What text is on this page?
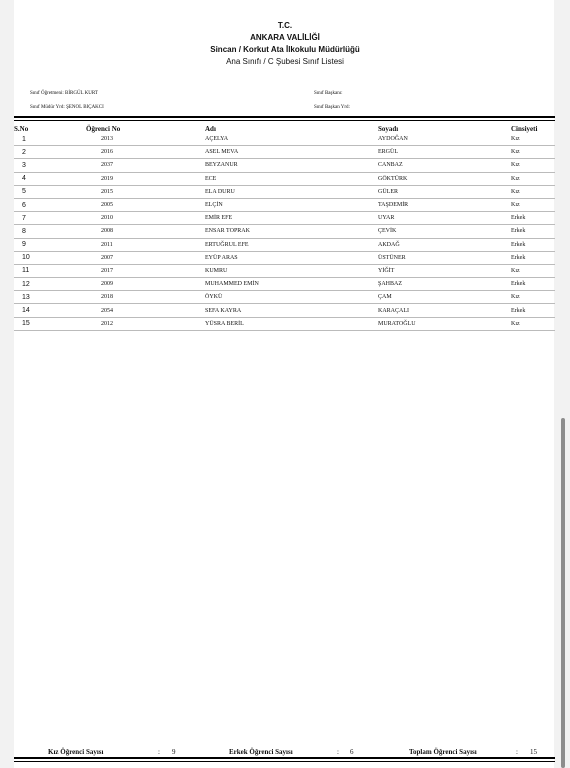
T.C.
ANKARA VALİLİĞİ
Sincan / Korkut Ata İlkokulu Müdürlüğü
Ana Sınıfı / C Şubesi Sınıf Listesi
Sınıf Öğretmeni: BİRGÜL KURT
Sınıf Müdür Yrd: ŞENOL BIÇAKCI
Sınıf Başkanı:
Sınıf Başkan Yrd:
S.No	Öğrenci No	Adı	Soyadı	Cinsiyeti
1	2013	AÇELYA	AYDOĞAN	Kız
2	2016	ASEL MEVA	ERGÜL	Kız
3	2037	BEYZANUR	CANBAZ	Kız
4	2019	ECE	GÖKTÜRK	Kız
5	2015	ELA DURU	GÜLER	Kız
6	2005	ELÇİN	TAŞDEMİR	Kız
7	2010	EMİR EFE	UYAR	Erkek
8	2008	ENSAR TOPRAK	ÇEVİK	Erkek
9	2011	ERTUĞRUL EFE	AKDAĞ	Erkek
10	2007	EYÜP ARAS	ÜSTÜNER	Erkek
11	2017	KUMRU	YİĞİT	Kız
12	2009	MUHAMMED EMİN	ŞAHBAZ	Erkek
13	2018	ÖYKÜ	ÇAM	Kız
14	2054	SEFA KAYRA	KARAÇALI	Erkek
15	2012	YÜSRA BERİL	MURATOĞLU	Kız
Kız Öğrenci Sayısı	: 9	Erkek Öğrenci Sayısı	: 6	Toplam Öğrenci Sayısı	: 15
